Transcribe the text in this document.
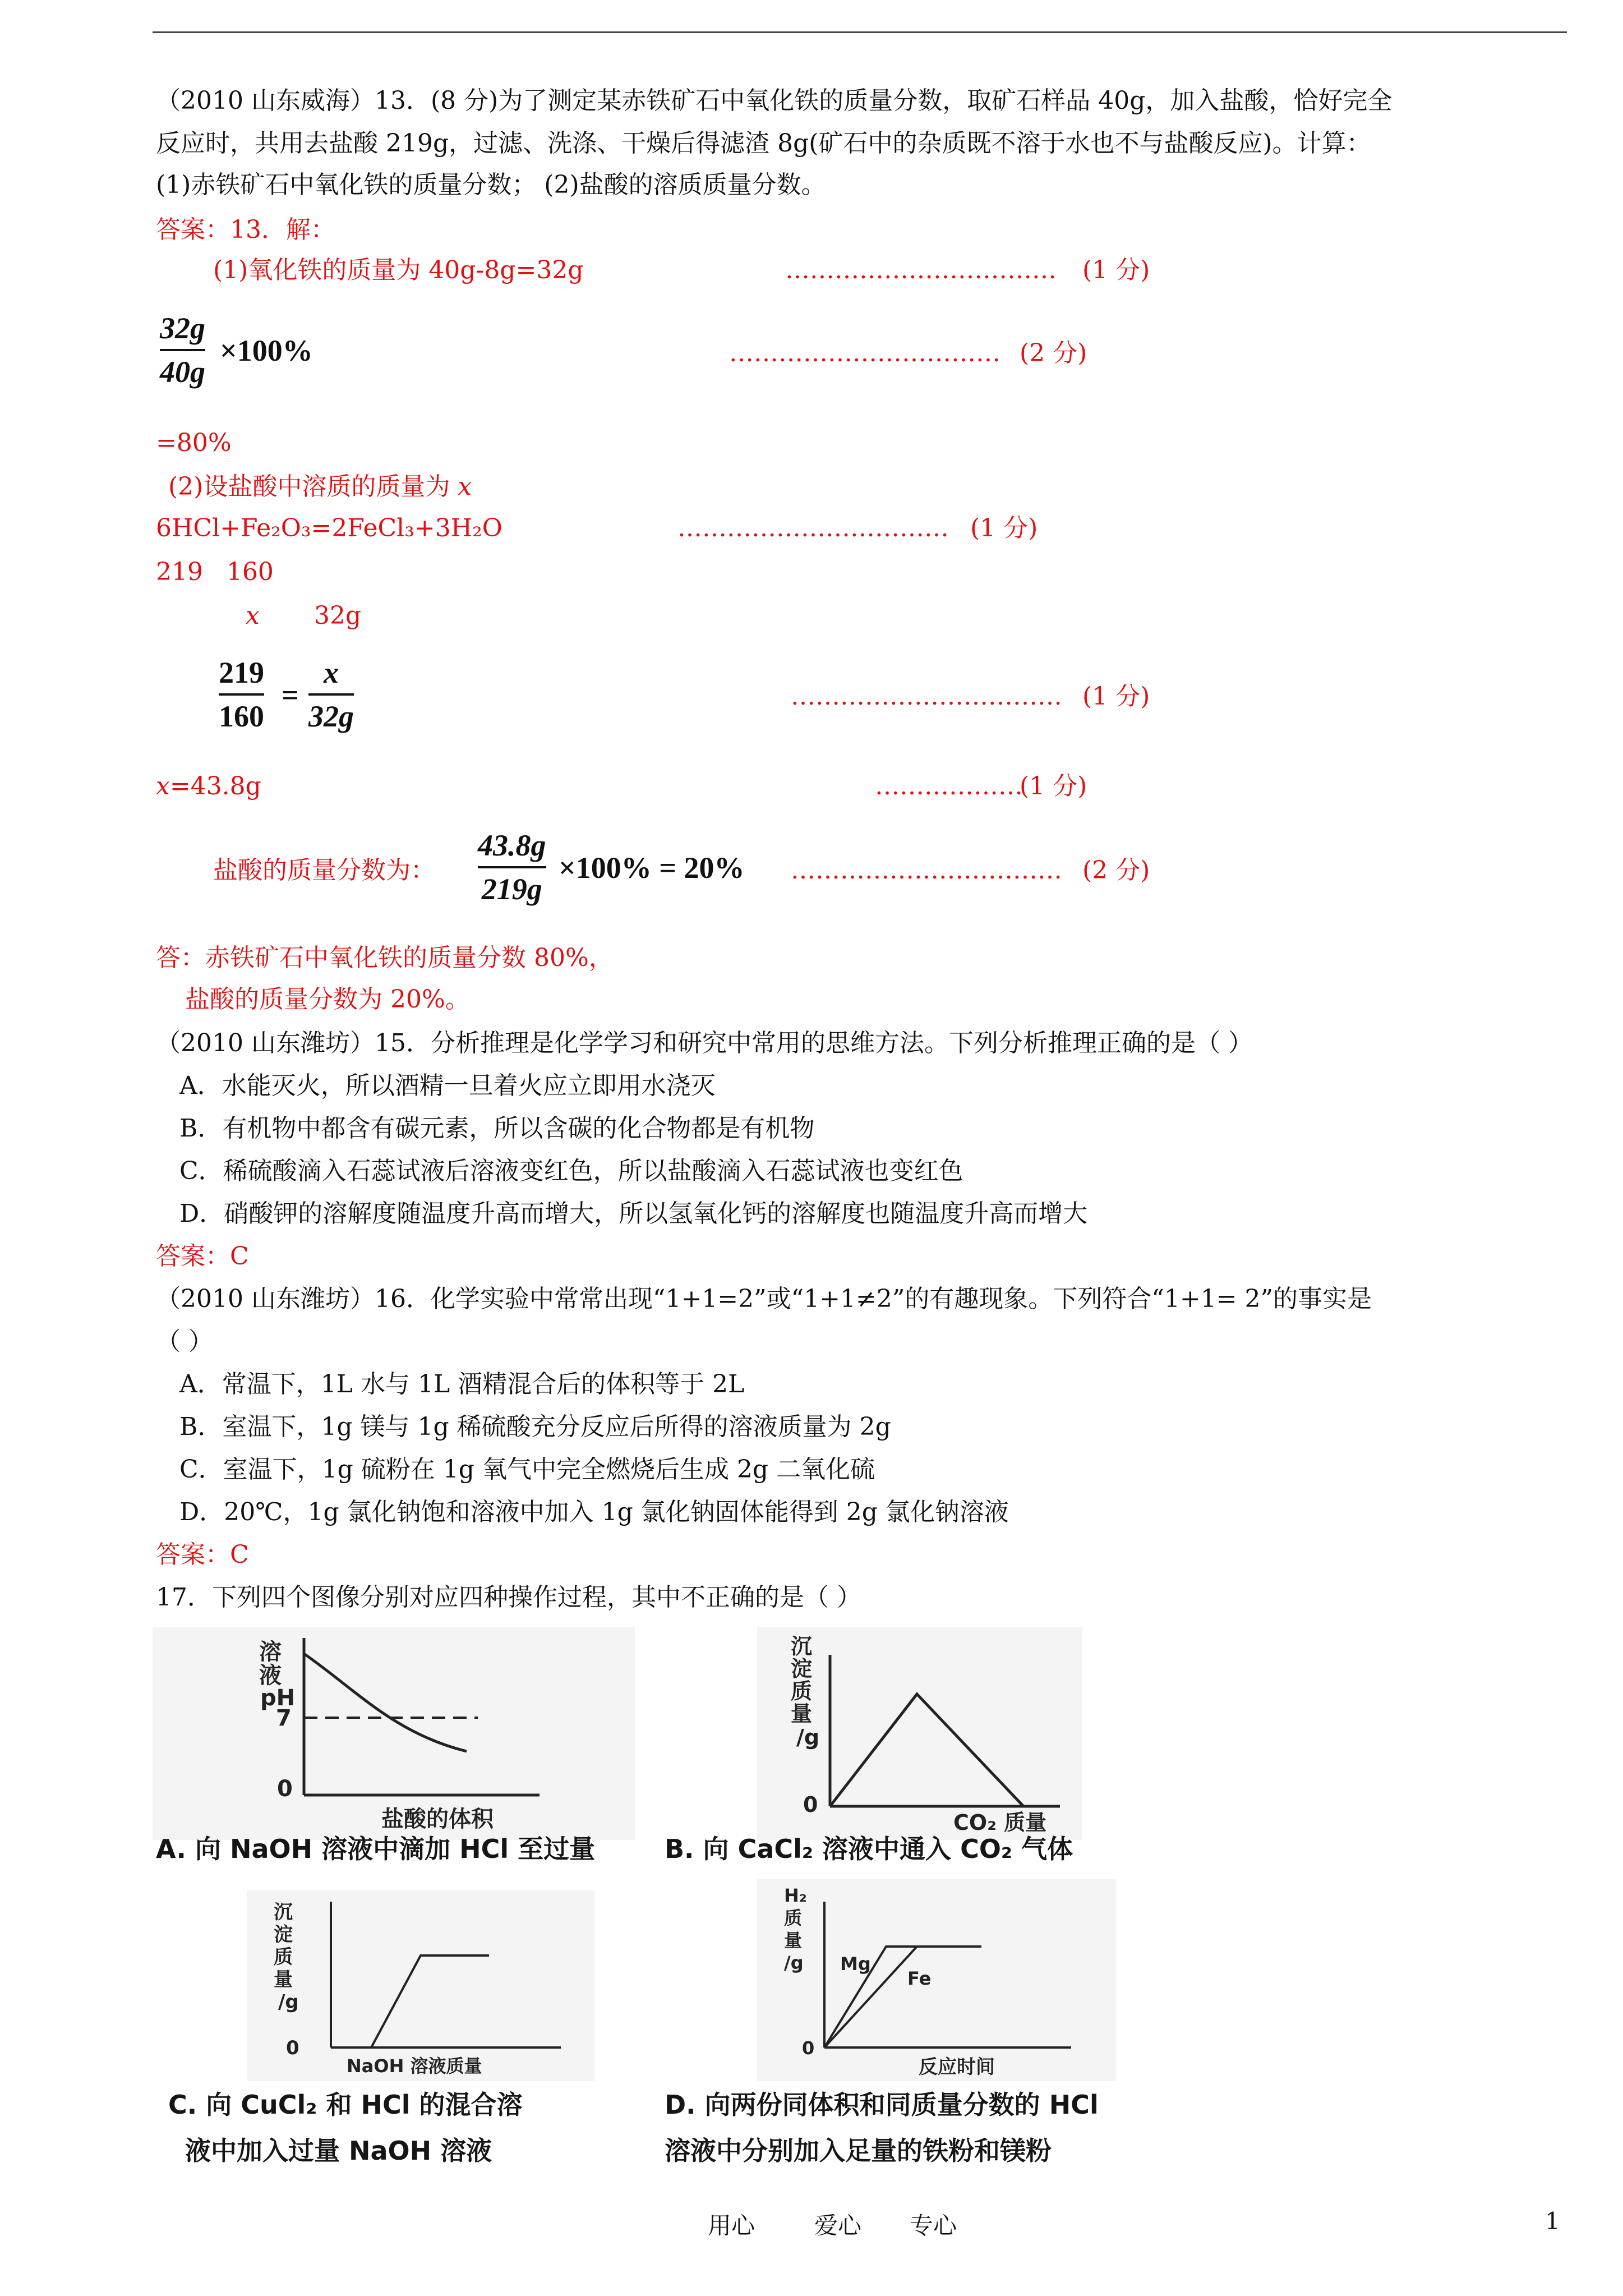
（2010 山东威海）13．(8 分)为了测定某赤铁矿石中氧化铁的质量分数，取矿石样品 40g，加入盐酸，恰好完全
反应时，共用去盐酸 219g，过滤、洗涤、干燥后得滤渣 8g(矿石中的杂质既不溶于水也不与盐酸反应)。计算：
(1)赤铁矿石中氧化铁的质量分数； (2)盐酸的溶质质量分数。
答案：13．解：
(1)氧化铁的质量为 40g-8g=32g	…………………………… (1 分)
32g
40g
×100%	…………………………… (2 分)
=80%
(2)设盐酸中溶质的质量为 x
6HCl+Fe₂O₃=2FeCl₃+3H₂O	…………………………… (1 分)
219   160
x 32g
219
160
=
x
32g
…………………………… (1 分)
x=43.8g	………………
(1 分)
盐酸的质量分数为：
43.8g
219g
×100% = 20% …………………………… (2 分)
答：赤铁矿石中氧化铁的质量分数 80%，
盐酸的质量分数为 20%。
（2010 山东潍坊）15．分析推理是化学学习和研究中常用的思维方法。下列分析推理正确的是（ ）
A．水能灭火，所以酒精一旦着火应立即用水浇灭
B．有机物中都含有碳元素，所以含碳的化合物都是有机物
C．稀硫酸滴入石蕊试液后溶液变红色，所以盐酸滴入石蕊试液也变红色
D．硝酸钾的溶解度随温度升高而增大，所以氢氧化钙的溶解度也随温度升高而增大
答案：C
（2010 山东潍坊）16．化学实验中常常出现“1+1=2”或“1+1≠2”的有趣现象。下列符合“1+1= 2”的事实是
（ ）
A．常温下，1L 水与 1L 酒精混合后的体积等于 2L
B．室温下，1g 镁与 1g 稀硫酸充分反应后所得的溶液质量为 2g
C．室温下，1g 硫粉在 1g 氧气中完全燃烧后生成 2g 二氧化硫
D．20℃，1g 氯化钠饱和溶液中加入 1g 氯化钠固体能得到 2g 氯化钠溶液
答案：C
17．下列四个图像分别对应四种操作过程，其中不正确的是（ ）
溶
液
pH
7
0
盐酸的体积
A. 向 NaOH 溶液中滴加 HCl 至过量
沉
淀
质
量
/g
0
CO₂ 质量
B. 向 CaCl₂ 溶液中通入 CO₂ 气体
沉
淀
质
量
/g
0
NaOH 溶液质量
C. 向 CuCl₂ 和 HCl 的混合溶
液中加入过量 NaOH 溶液
H₂
质
量
/g Mg
Fe
0
反应时间
D. 向两份同体积和同质量分数的 HCl
溶液中分别加入足量的铁粉和镁粉
用心	爱心 专心	1
